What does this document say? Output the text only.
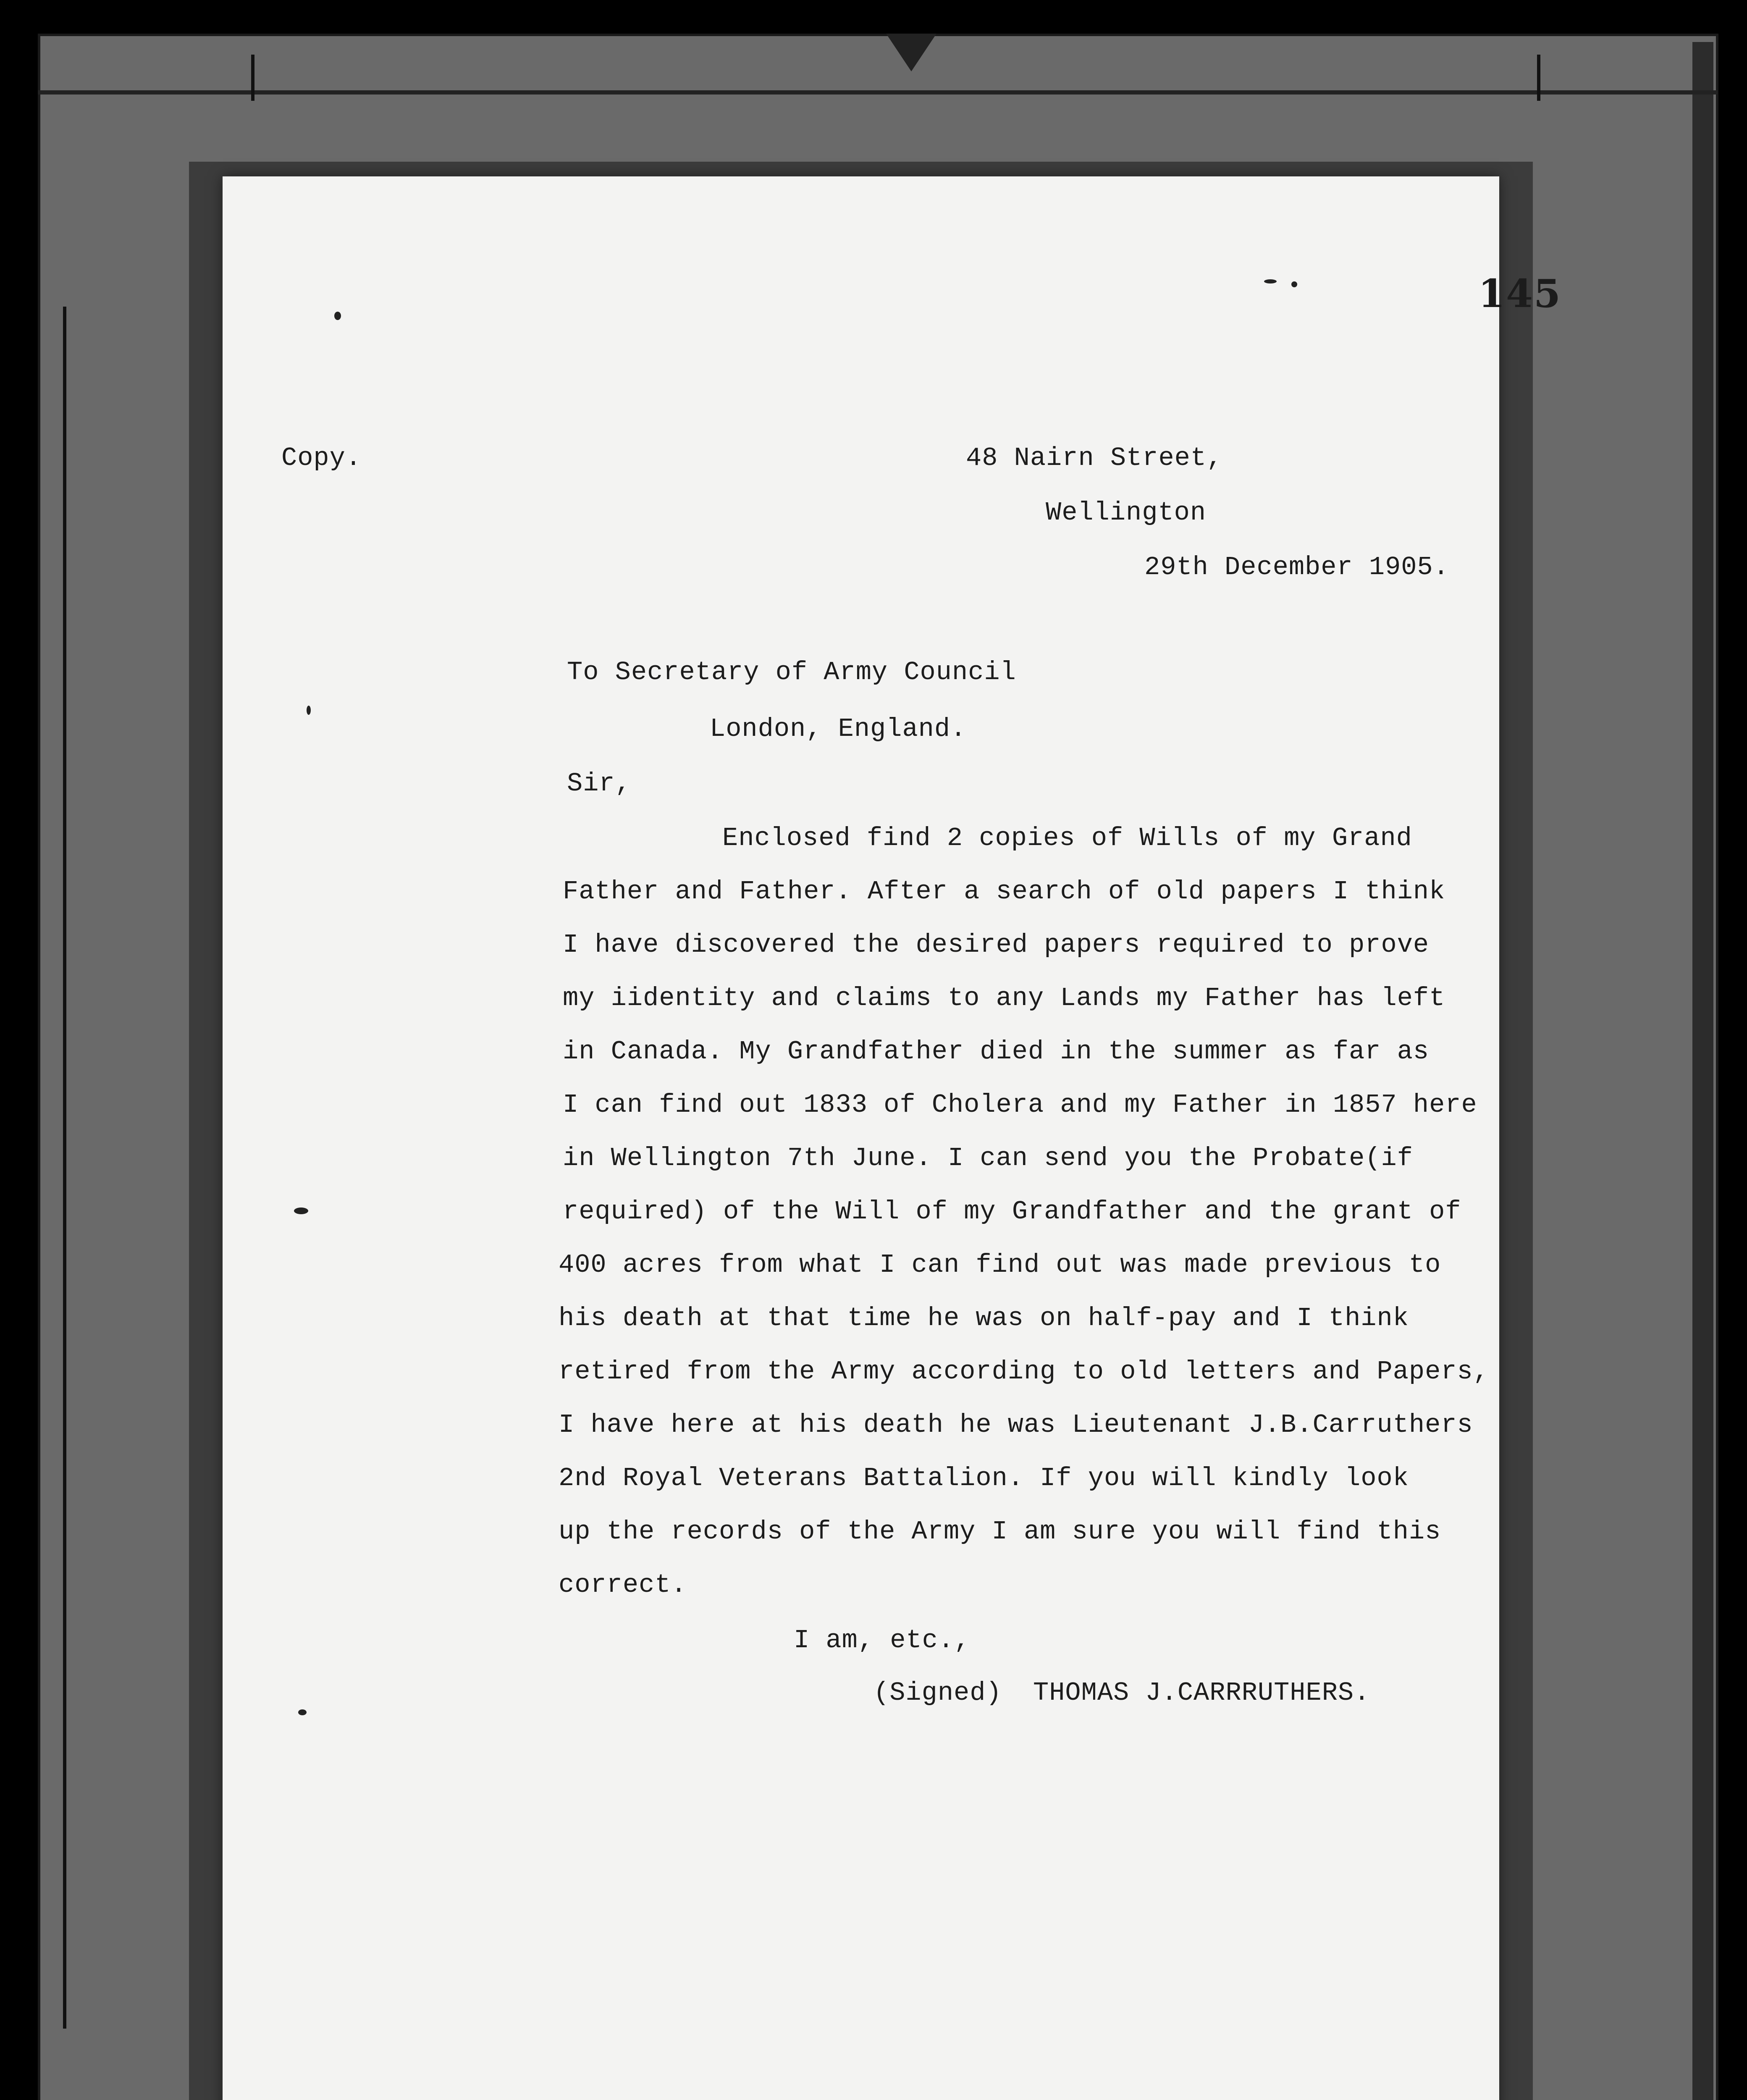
145
Copy.	48 Nairn Street,
Wellington
29th December 1905.
To Secretary of Army Council
London, England.
Sir,
Enclosed find 2 copies of Wills of my Grand
Father and Father. After a search of old papers I think
I have discovered the desired papers required to prove
my iidentity and claims to any Lands my Father has left
in Canada. My Grandfather died in the summer as far as
I can find out 1833 of Cholera and my Father in 1857 here
in Wellington 7th June. I can send you the Probate(if
required) of the Will of my Grandfather and the grant of
400 acres from what I can find out was made previous to
his death at that time he was on half-pay and I think
retired from the Army according to old letters and Papers,
I have here at his death he was Lieutenant J.B.Carruthers
2nd Royal Veterans Battalion. If you will kindly look
up the records of the Army I am sure you will find this
correct.
I am, etc.,
(Signed) THOMAS J.CARRRUTHERS.
